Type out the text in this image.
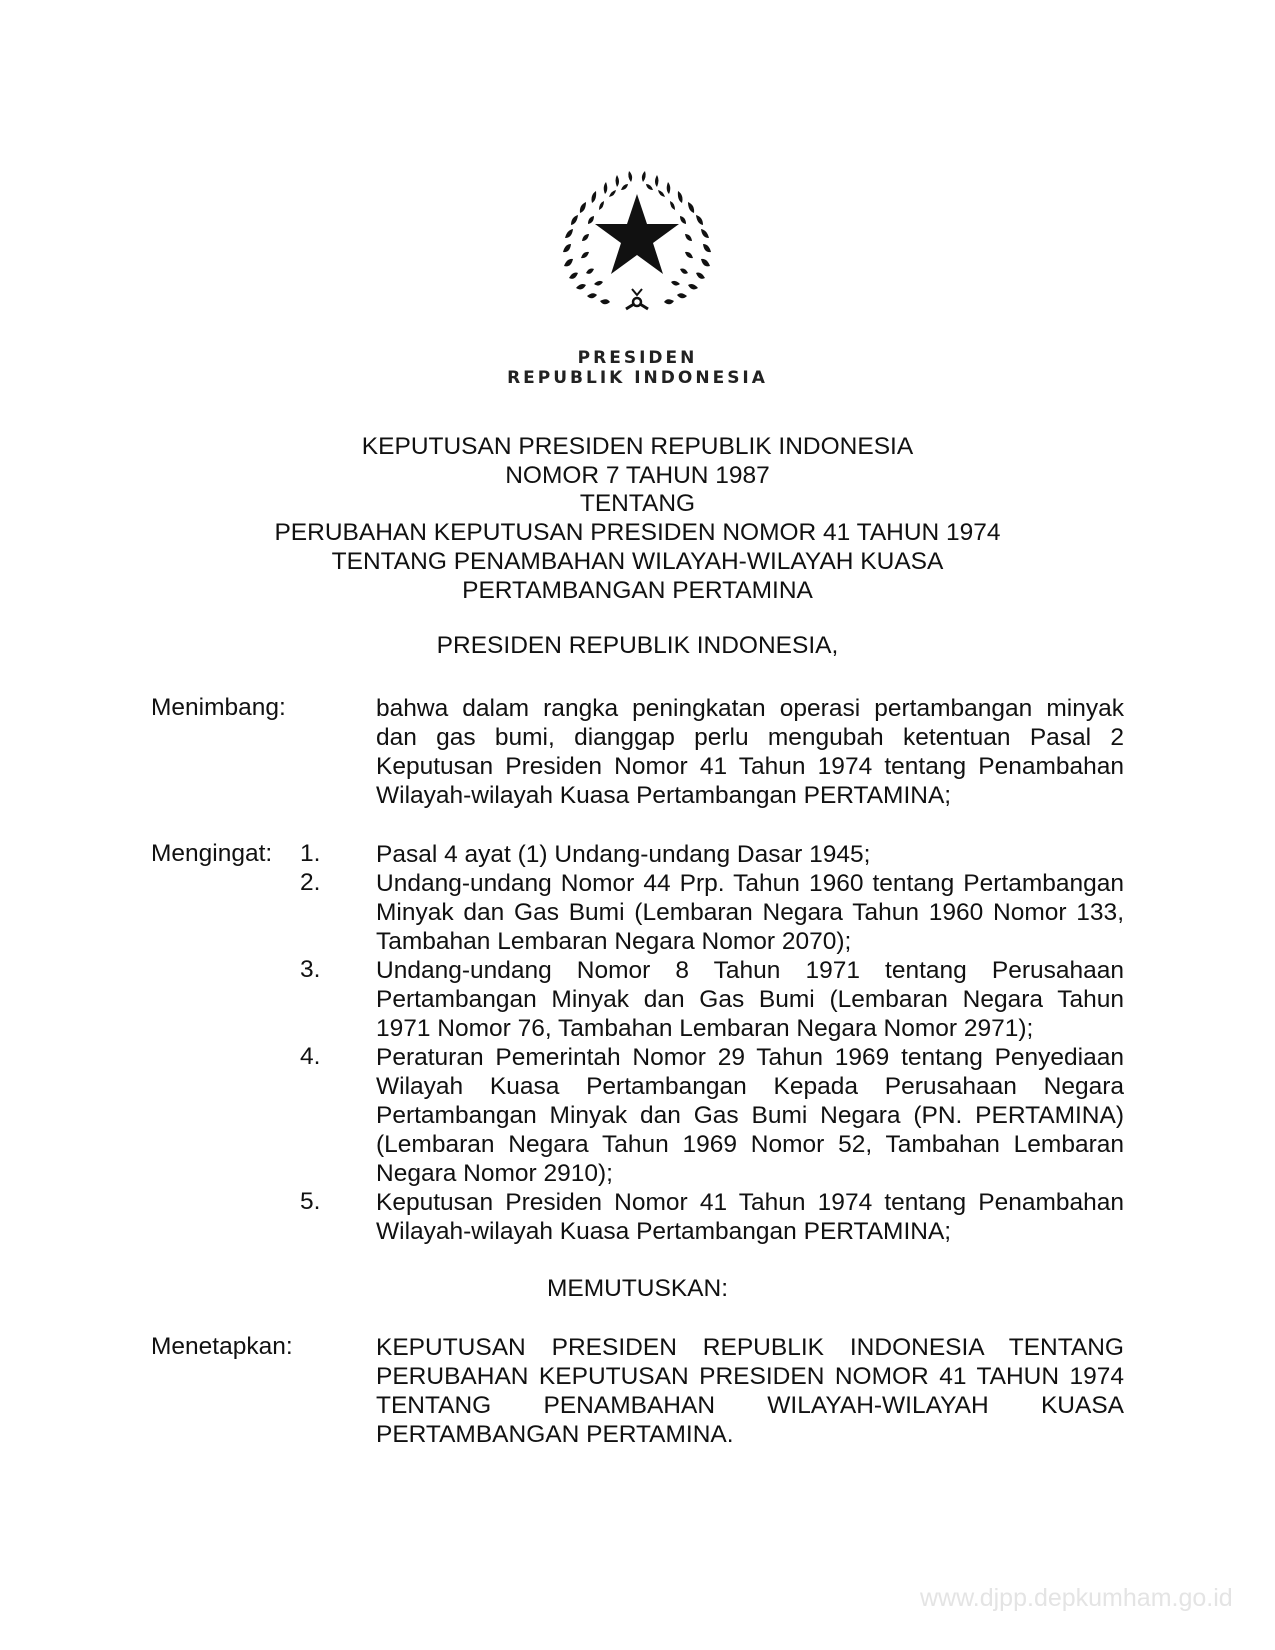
PRESIDEN
REPUBLIK INDONESIA
KEPUTUSAN PRESIDEN REPUBLIK INDONESIA
NOMOR 7 TAHUN 1987
TENTANG
PERUBAHAN KEPUTUSAN PRESIDEN NOMOR 41 TAHUN 1974
TENTANG PENAMBAHAN WILAYAH-WILAYAH KUASA
PERTAMBANGAN PERTAMINA
PRESIDEN REPUBLIK INDONESIA,
Menimbang:	bahwa dalam rangka peningkatan operasi pertambangan minyak dan gas bumi, dianggap perlu mengubah ketentuan Pasal 2 Keputusan Presiden Nomor 41 Tahun 1974 tentang Penambahan Wilayah-wilayah Kuasa Pertambangan PERTAMINA;
Mengingat: 1. Pasal 4 ayat (1) Undang-undang Dasar 1945;
2. Undang-undang Nomor 44 Prp. Tahun 1960 tentang Pertambangan Minyak dan Gas Bumi (Lembaran Negara Tahun 1960 Nomor 133, Tambahan Lembaran Negara Nomor 2070);
3. Undang-undang Nomor 8 Tahun 1971 tentang Perusahaan Pertambangan Minyak dan Gas Bumi (Lembaran Negara Tahun 1971 Nomor 76, Tambahan Lembaran Negara Nomor 2971);
4. Peraturan Pemerintah Nomor 29 Tahun 1969 tentang Penyediaan Wilayah Kuasa Pertambangan Kepada Perusahaan Negara Pertambangan Minyak dan Gas Bumi Negara (PN. PERTAMINA) (Lembaran Negara Tahun 1969 Nomor 52, Tambahan Lembaran Negara Nomor 2910);
5. Keputusan Presiden Nomor 41 Tahun 1974 tentang Penambahan Wilayah-wilayah Kuasa Pertambangan PERTAMINA;
MEMUTUSKAN:
Menetapkan:	KEPUTUSAN PRESIDEN REPUBLIK INDONESIA TENTANG PERUBAHAN KEPUTUSAN PRESIDEN NOMOR 41 TAHUN 1974 TENTANG PENAMBAHAN WILAYAH-WILAYAH KUASA PERTAMBANGAN PERTAMINA.
www.djpp.depkumham.go.id
